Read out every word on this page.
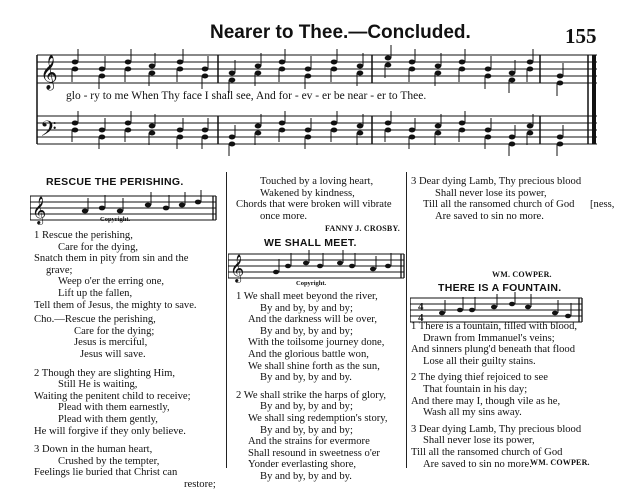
Nearer to Thee.—Concluded.	155
𝄞
𝄢
glo - ry to me When Thy face I shall see, And for - ev - er be near - er to Thee.
RESCUE THE PERISHING.
𝄞	Copyright.

1 Rescue the perishing,

Care for the dying,

Snatch them in pity from sin and the

grave;

Weep o'er the erring one,

Lift up the fallen,

Tell them of Jesus, the mighty to save.

Cho.—Rescue the perishing,

Care for the dying;

Jesus is merciful,

Jesus will save.

2 Though they are slighting Him,

Still He is waiting,

Waiting the penitent child to receive;

Plead with them earnestly,

Plead with them gently,

He will forgive if they only believe.

3 Down in the human heart,

Crushed by the tempter,

Feelings lie buried that Christ can

restore;

Touched by a loving heart,

Wakened by kindness,

Chords that were broken will vibrate

once more.

FANNY J. CROSBY.
WE SHALL MEET.
𝄞
Copyright.

1 We shall meet beyond the river,

By and by, by and by;

And the darkness will be over,

By and by, by and by;

With the toilsome journey done,

And the glorious battle won,

We shall shine forth as the sun,

By and by, by and by.

2 We shall strike the harps of glory,

By and by, by and by;

We shall sing redemption's story,

By and by, by and by;

And the strains for evermore

Shall resound in sweetness o'er

Yonder everlasting shore,

By and by, by and by.

3 Dear dying Lamb, Thy precious blood

Shall never lose its power,

Till all the ransomed church of God

Are saved to sin no more.

[ness,
WM. COWPER.
THERE IS A FOUNTAIN.
4
4

1 There is a fountain, filled with blood,

Drawn from Immanuel's veins;

And sinners plung'd beneath that flood

Lose all their guilty stains.

2 The dying thief rejoiced to see

That fountain in his day;

And there may I, though vile as he,

Wash all my sins away.

3 Dear dying Lamb, Thy precious blood

Shall never lose its power,

Till all the ransomed church of God

Are saved to sin no more.

WM. COWPER.
